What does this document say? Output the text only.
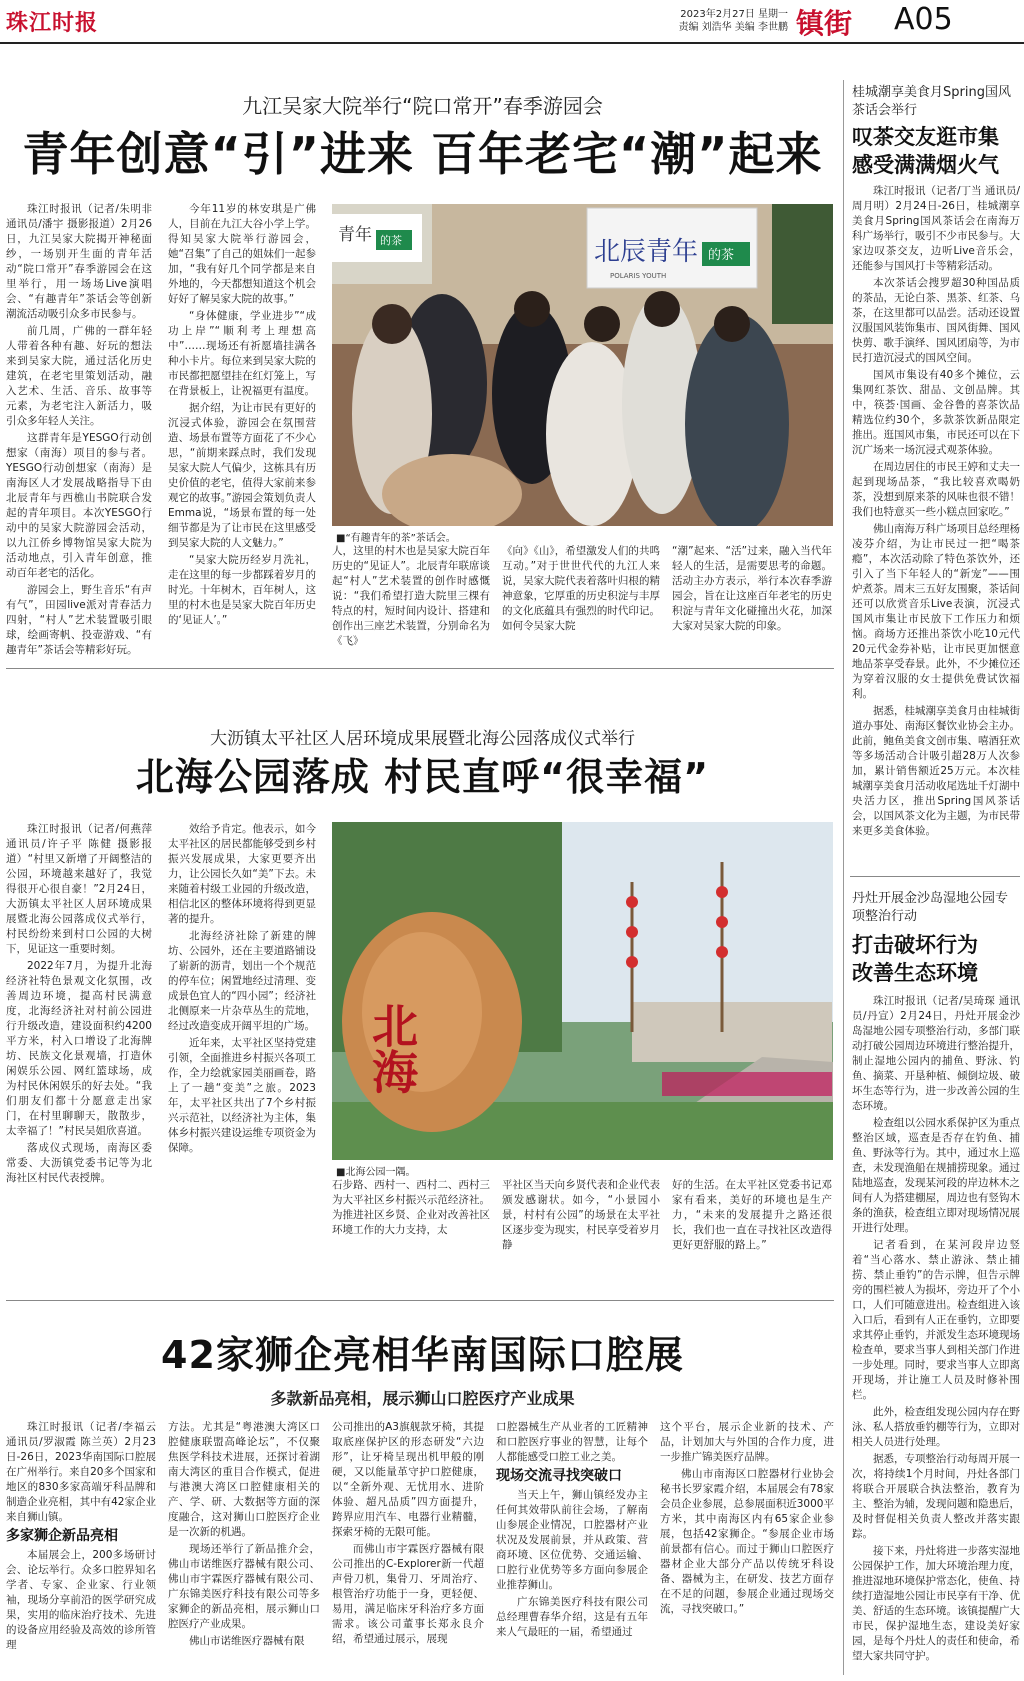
珠江时报	2023年2月27日 星期一
责编 刘浩华 美编 李世鹏 镇街 A05
九江吴家大院举行“院口常开”春季游园会
青年创意“引”进来 百年老宅“潮”起来

珠江时报讯（记者/朱明非 通讯员/潘宇 摄影报道）2月26日，九江吴家大院揭开神秘面纱，一场别开生面的青年活动“院口常开”春季游园会在这里举行，用一场场Live演唱会、“有趣青年”茶话会等创新潮流活动吸引众多市民参与。

前几周，广佛的一群年轻人带着各种有趣、好玩的想法来到吴家大院，通过活化历史建筑，在老宅里策划活动，融入艺术、生活、音乐、故事等元素，为老宅注入新活力，吸引众多年轻人关注。

这群青年是YESGO行动创想家（南海）项目的参与者。YESGO行动创想家（南海）是南海区人才发展战略指导下由北辰青年与西樵山书院联合发起的青年项目。本次YESGO行动中的吴家大院游园会活动，以九江侨乡博物馆吴家大院为活动地点，引入青年创意，推动百年老宅的活化。

游园会上，野生音乐“有声有气”，田园live派对青春活力四射，“村人”艺术装置吸引眼球，绘画寄帆、投壶游戏、“有趣青年”茶话会等精彩好玩。

今年11岁的林安琪是广佛人，目前在九江大谷小学上学。得知吴家大院举行游园会，她“召集”了自己的姐妹们一起参加，“我有好几个同学都是来自外地的，今天都想知道这个机会好好了解吴家大院的故事。”

“身体健康，学业进步”“成功上岸”“顺利考上理想高中”……现场还有祈愿墙挂满各种小卡片。每位来到吴家大院的市民都把愿望挂在红灯笼上，写在背景板上，让祝福更有温度。

据介绍，为让市民有更好的沉浸式体验，游园会在氛围营造、场景布置等方面花了不少心思，“前期来踩点时，我们发现吴家大院人气偏少，这栋具有历史价值的老宅，值得大家前来参观它的故事。”游园会策划负责人Emma说，“场景布置的每一处细节都是为了让市民在这里感受到吴家大院的人文魅力。”

“吴家大院历经岁月洗礼，走在这里的每一步都踩着岁月的时光。十年树木，百年树人，这里的村木也是吴家大院百年历史的‘见证人’。”

青年 的茶	北辰青年 的茶
POLARIS YOUTH
■“有趣青年的茶”茶话会。

人，这里的村木也是吴家大院百年历史的“见证人”。北辰青年联席谈起“村人”艺术装置的创作时感慨说：“我们希望打造大院里三棵有特点的村，短时间内设计、搭建和创作出三座艺术装置，分别命名为《飞》

《向》《山》，希望激发人们的共鸣互动。”对于世世代代的九江人来说，吴家大院代表着落叶归根的精神意象，它厚重的历史积淀与丰厚的文化底蕴具有强烈的时代印记。如何令吴家大院

“潮”起来、“活”过来，融入当代年轻人的生活，是需要思考的命题。活动主办方表示，举行本次春季游园会，旨在让这座百年老宅的历史积淀与青年文化碰撞出火花，加深大家对吴家大院的印象。

大沥镇太平社区人居环境成果展暨北海公园落成仪式举行
北海公园落成 村民直呼“很幸福”

珠江时报讯（记者/何燕萍 通讯员/许子平 陈健 摄影报道）“村里又新增了开阔整洁的公园，环境越来越好了，我觉得很开心很自豪！”2月24日，大沥镇太平社区人居环境成果展暨北海公园落成仪式举行，村民纷纷来到村口公园的大树下，见证这一重要时刻。

2022年7月，为提升北海经济社特色景观文化氛围，改善周边环境，提高村民满意度，北海经济社对村前公园进行升级改造，建设面积约4200平方米，村入口增设了北海牌坊、民族文化景观墙，打造休闲娱乐公园、网红篮球场，成为村民休闲娱乐的好去处。“我们朋友们都十分愿意走出家门，在村里聊聊天，散散步，太幸福了！”村民吴姐欣喜道。

落成仪式现场，南海区委常委、大沥镇党委书记等为北海社区村民代表授牌。

效给予肯定。他表示，如今太平社区的居民都能够受到乡村振兴发展成果，大家更要齐出力，让公园长久如“美”下去。未来随着村级工业园的升级改造，相信北区的整体环境将得到更显著的提升。

北海经济社除了新建的牌坊、公园外，还在主要道路铺设了崭新的沥青，划出一个个规范的停车位；闲置地经过清理、变成景色宜人的“四小园”；经济社北侧原来一片杂草丛生的荒地，经过改造变成开阔平坦的广场。

近年来，太平社区坚持党建引领，全面推进乡村振兴各项工作，全力绘就家园美丽画卷，路上了一趟“变美”之旅。2023年，太平社区共出了7个乡村振兴示范社，以经济社为主体，集体乡村振兴建设运维专项资金为保障。

北海
■北海公园一隅。

石步路、西村一、西村二、西村三为大平社区乡村振兴示范经济社。为推进社区乡贤、企业对改善社区环境工作的大力支持，太

平社区当天向乡贤代表和企业代表颁发感谢状。如今，“小景园小景，村村有公园”的场景在太平社区逐步变为现实，村民享受着岁月静

好的生活。在太平社区党委书记邓家有看来，美好的环境也是生产力，“未来的发展提升之路还很长，我们也一直在寻找社区改造得更好更舒服的路上。”

42家狮企亮相华南国际口腔展
多款新品亮相，展示狮山口腔医疗产业成果

珠江时报讯（记者/李福云 通讯员/罗淑霞 陈兰英）2月23日-26日，2023华南国际口腔展在广州举行。来自20多个国家和地区的830多家高端牙科品牌和制造企业亮相，其中有42家企业来自狮山镇。

多家狮企新品亮相

本届展会上，200多场研讨会、论坛举行。众多口腔界知名学者、专家、企业家、行业领袖，现场分享前沿的医学研究成果，实用的临床治疗技术、先进的设备应用经验及高效的诊所管理

方法。尤其是“粤港澳大湾区口腔健康联盟高峰论坛”，不仅聚焦医学科技术进展，还探讨着湖南大湾区的重目合作模式，促进与港澳大湾区口腔健康相关的产、学、研、大数据等方面的深度融合，这对狮山口腔医疗企业是一次新的机遇。

现场还举行了新品推介会，佛山市诺维医疗器械有限公司、佛山市宇霖医疗器械有限公司、广东锦美医疗科技有限公司等多家狮企的新品亮相，展示狮山口腔医疗产业成果。

佛山市诺维医疗器械有限

公司推出的A3旗舰款牙椅，其提取底座保护区的形态研发“六边形”，让牙椅呈现出机甲般的刚硬，又以能量革守护口腔健康，以“全新外观、无忧用水、进阶体验、超凡品质”四方面提升，跨界应用汽车、电器行业精髓，探索牙椅的无限可能。

而佛山市宇霖医疗器械有限公司推出的C-Explorer新一代超声骨刀机，集骨刀、牙周治疗、根管治疗功能于一身，更轻便、易用，满足临床牙科治疗多方面需求。该公司董事长郑永良介绍，希望通过展示，展现

口腔器械生产从业者的工匠精神和口腔医疗事业的智慧，让每个人都能感受口腔工业之美。

现场交流寻找突破口

当天上午，狮山镇经发办主任何其效带队前往会场，了解南山参展企业情况，口腔器材产业状况及发展前景，并从政策、营商环境、区位优势、交通运输、口腔行业优势等多方面向参展企业推荐狮山。

广东锦美医疗科技有限公司总经理曹春华介绍，这是有五年来人气最旺的一届，希望通过

这个平台，展示企业新的技术、产品，计划加大与外国的合作力度，进一步推广锦美医疗品牌。

佛山市南海区口腔器材行业协会秘书长罗家霞介绍，本届展会有78家会员企业参展，总参展面积近3000平方米，其中南海区内有65家企业参展，包括42家狮企。“参展企业市场前景都有信心。而过于狮山口腔医疗器材企业大部分产品以传统牙科设备、器械为主，在研发、技艺方面存在不足的问题，参展企业通过现场交流，寻找突破口。”

桂城潮享美食月Spring国风茶话会举行
叹茶交友逛市集
感受满满烟火气

珠江时报讯（记者/丁当 通讯员/周月明）2月24日-26日，桂城潮享美食月Spring国风茶话会在南海万科广场举行，吸引不少市民参与。大家边叹茶交友，边听Live音乐会，还能参与国风打卡等精彩活动。

本次茶话会搜罗超30种国品质的茶品，无论白茶、黑茶、红茶、乌茶，在这里都可以品尝。活动还设置汉服国风装饰集市、国风街舞、国风快剪、歌手演绎、国风团扇等，为市民打造沉浸式的国风空间。

国风市集设有40多个摊位，云集网红茶饮、甜品、文创品牌。其中，筷荟·国画、金谷鲁的喜茶饮品精选位约30个，多款茶饮新品限定推出。逛国风市集，市民还可以在下沉广场来一场沉浸式观茶体验。

在周边居住的市民王婷和丈夫一起到现场品茶，“我比较喜欢喝奶茶，没想到原来茶的风味也很不错！我们也特意买一些小糕点回家吃。”

佛山南海万科广场项目总经理杨凌芬介绍，为让市民过一把“喝茶瘾”，本次活动除了特色茶饮外，还引入了当下年轻人的“新宠”——围炉煮茶。周末三五好友围聚，茶话间还可以欣赏音乐Live表演，沉浸式国风市集让市民放下工作压力和烦恼。商场方还推出茶饮小吃10元代20元代金券补贴，让市民更加惬意地品茶享受春景。此外，不少摊位还为穿着汉服的女士提供免费试饮福利。

据悉，桂城潮享美食月由桂城街道办事处、南海区餐饮业协会主办。此前，鲍鱼美食文创市集、嘻酒狂欢等多场活动合计吸引超28万人次参加，累计销售额近25万元。本次桂城潮享美食月活动收尾选址千灯湖中央活力区，推出Spring国风茶话会，以国风茶文化为主题，为市民带来更多美食体验。

丹灶开展金沙岛湿地公园专项整治行动
打击破坏行为
改善生态环境

珠江时报讯（记者/吴琦琛 通讯员/丹宣）2月24日，丹灶开展金沙岛湿地公园专项整治行动，多部门联动打破公园周边环境进行整治提升，制止湿地公园内的捕鱼、野泳、钓鱼、摘菜、开垦种植、倾倒垃圾、破坏生态等行为，进一步改善公园的生态环境。

检查组以公园水系保护区为重点整治区域，巡查是否存在钓鱼、捕鱼、野泳等行为。其中，通过水上巡查，未发现渔船在规捕捞现象。通过陆地巡查，发现某河段的岸边林木之间有人为搭建棚屋，周边也有竖钩木条的渔获，检查组立即对现场情况展开进行处理。

记者看到，在某河段岸边竖着“当心落水、禁止游泳、禁止捕捞、禁止垂钓”的告示牌，但告示牌旁的围栏被人为损坏，旁边开了个小口，人们可随意进出。检查组进入该入口后，看到有人正在垂钓，立即要求其停止垂钓，并派发生态环境现场检查单，要求当事人到相关部门作进一步处理。同时，要求当事人立即离开现场，并让施工人员及时修补围栏。

此外，检查组发现公园内存在野泳、私人搭放垂钓棚等行为，立即对相关人员进行处理。

据悉，专项整治行动每周开展一次，将持续1个月时间，丹灶各部门将联合开展联合执法整治，教育为主、整治为辅，发现问题和隐患后，及时督促相关负责人整改并落实跟踪。

接下来，丹灶将进一步落实湿地公园保护工作，加大环境治理力度，推进湿地环境保护常态化，使鱼、持续打造湿地公园让市民享有干净、优美、舒适的生态环境。该镇提醒广大市民，保护湿地生态，建设美好家园，是每个丹灶人的责任和使命，希望大家共同守护。
